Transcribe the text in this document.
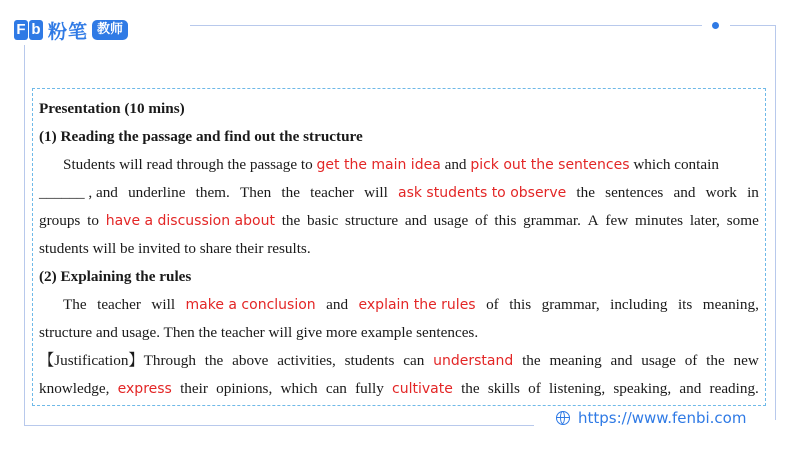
F b 粉笔 教师
Presentation (10 mins)
(1) Reading the passage and find out the structure
Students will read through the passage to get the main idea and pick out the sentences which contain
______ , and underline them. Then the teacher will ask students to observe the sentences and work in
groups to have a discussion about the basic structure and usage of this grammar. A few minutes later, some
students will be invited to share their results.
(2) Explaining the rules
The teacher will make a conclusion and explain the rules of this grammar, including its meaning,
structure and usage. Then the teacher will give more example sentences.
【Justification】Through the above activities, students can understand the meaning and usage of the new
knowledge, express their opinions, which can fully cultivate the skills of listening, speaking, and reading.
https://www.fenbi.com
